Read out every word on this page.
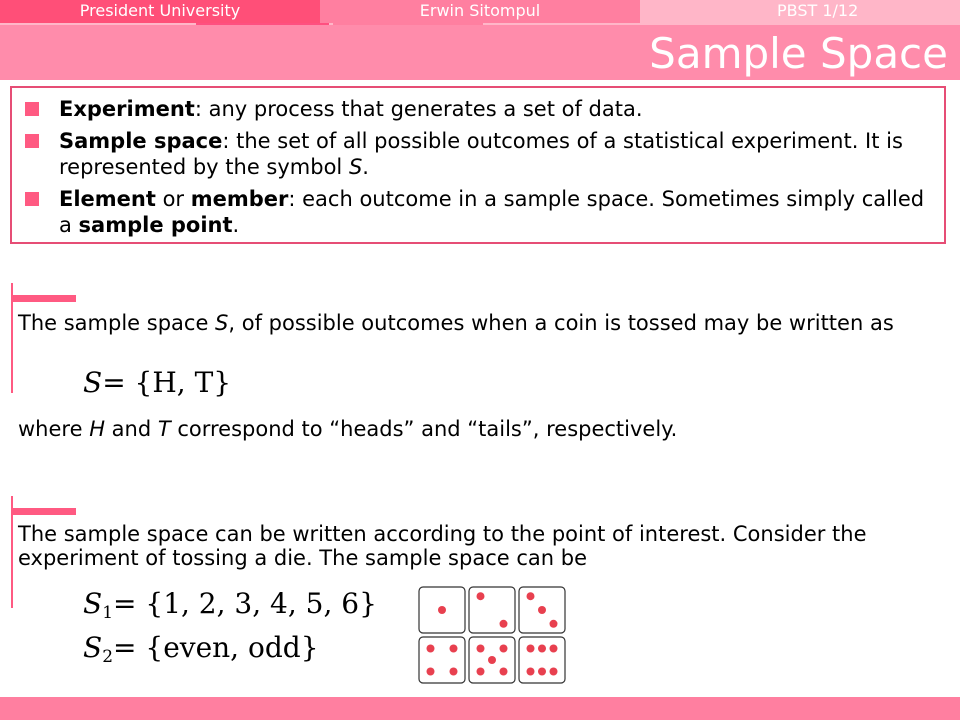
Sample Space
Experiment: any process that generates a set of data.
Sample space: the set of all possible outcomes of a statistical experiment. It is represented by the symbol S.
Element or member: each outcome in a sample space. Sometimes simply called a sample point.
The sample space S, of possible outcomes when a coin is tossed may be written as
S= {H, T}
where H and T correspond to “heads” and “tails”, respectively.
The sample space can be written according to the point of interest. Consider the experiment of tossing a die. The sample space can be
$S_1= \{1$, 2, 3, 4, 5, 6}
$S_2=$ {even, odd}
President University	Erwin Sitompul	PBST 1/12
